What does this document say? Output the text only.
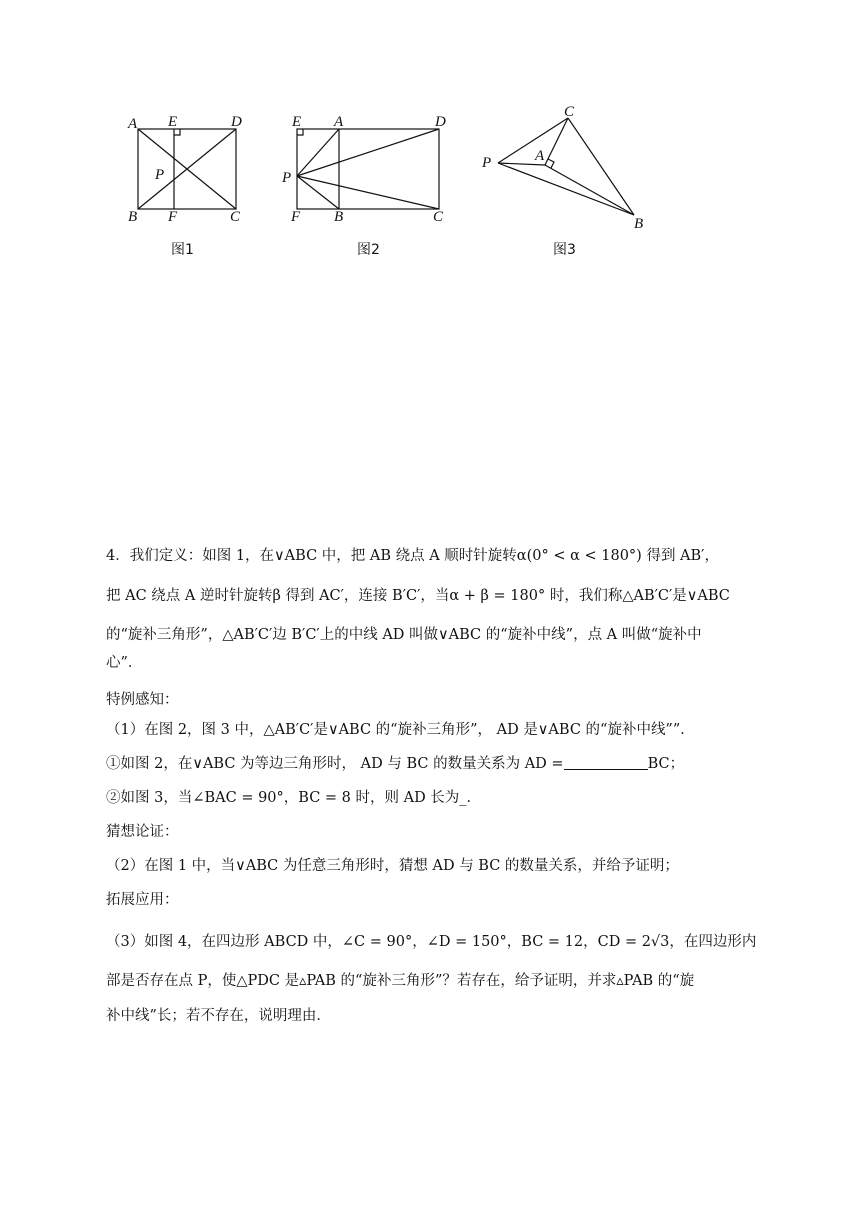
A E	D
P
B F	C
E A	D
P
F B	C
C
P	A
B
图1	图2	图3
4．我们定义：如图 1，在∨ABC 中，把 AB 绕点 A 顺时针旋转α(0° < α < 180°) 得到 AB′，
把 AC 绕点 A 逆时针旋转β 得到 AC′，连接 B′C′，当α + β = 180° 时，我们称△AB′C′是∨ABC
的“旋补三角形”，△AB′C′边 B′C′上的中线 AD 叫做∨ABC 的“旋补中线”，点 A 叫做“旋补中
心”．
特例感知：
（1）在图 2，图 3 中，△AB′C′是∨ABC 的“旋补三角形”， AD 是∨ABC 的“旋补中线””．
①如图 2，在∨ABC 为等边三角形时， AD 与 BC 的数量关系为 AD =	BC；
②如图 3，当∠BAC = 90°，BC = 8 时，则 AD 长为_．
猜想论证：
（2）在图 1 中，当∨ABC 为任意三角形时，猜想 AD 与 BC 的数量关系，并给予证明；
拓展应用：
（3）如图 4，在四边形 ABCD 中，∠C = 90°，∠D = 150°，BC = 12，CD = 2√3，在四边形内
部是否存在点 P，使△PDC 是▵PAB 的“旋补三角形”？若存在，给予证明，并求▵PAB 的“旋
补中线”长；若不存在，说明理由．
